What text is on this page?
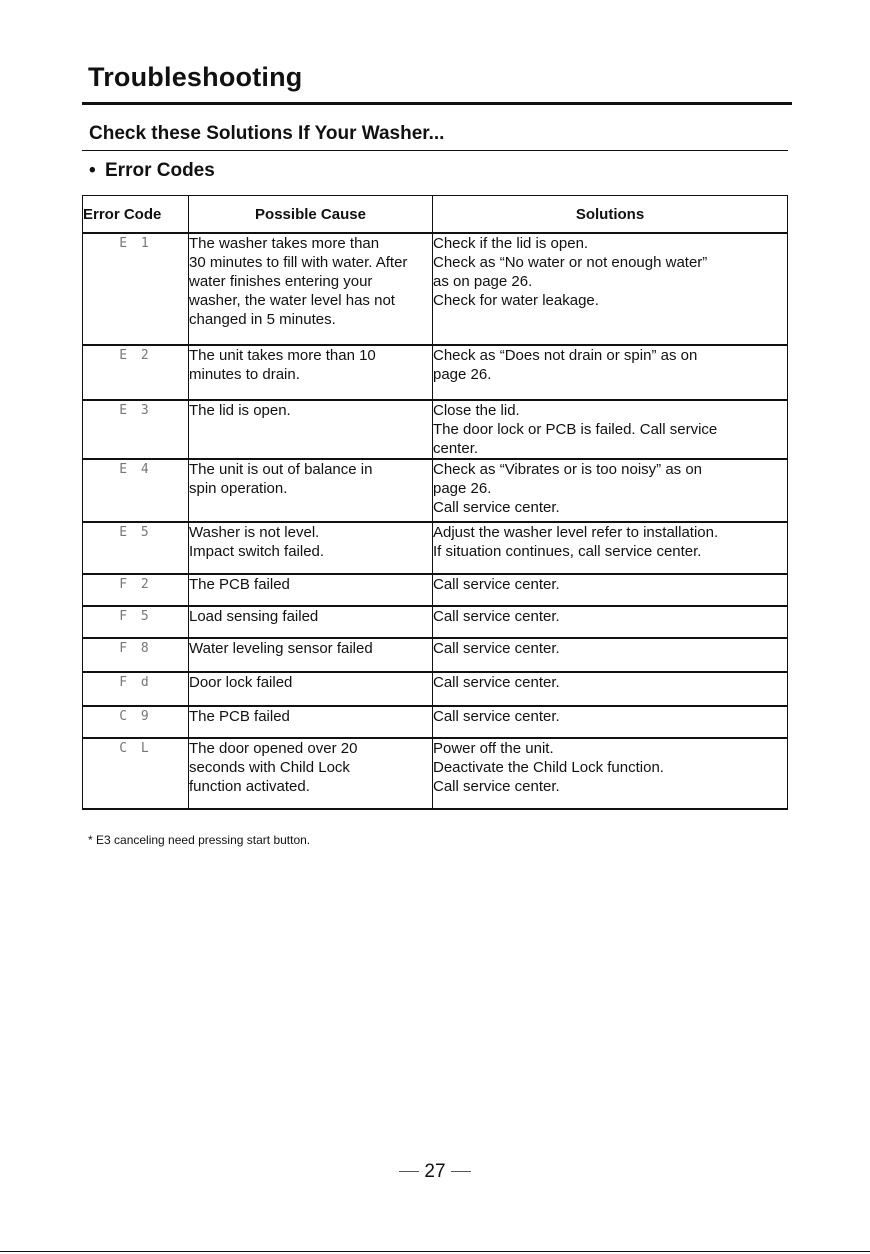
Troubleshooting
Check these Solutions If Your Washer...
• Error Codes
Error Code	Possible Cause	Solutions
E 1	The washer takes more than
30 minutes to fill with water. After
water finishes entering your
washer, the water level has not
changed in 5 minutes.	Check if the lid is open.
Check as “No water or not enough water”
as on page 26.
Check for water leakage.

E 2	The unit takes more than 10
minutes to drain.	Check as “Does not drain or spin” as on
page 26.

E 3	The lid is open.	Close the lid.
The door lock or PCB is failed. Call service
center.

E 4	The unit is out of balance in
spin operation.	Check as “Vibrates or is too noisy” as on
page 26.
Call service center.

E 5	Washer is not level.
Impact switch failed.	Adjust the washer level refer to installation.
If situation continues, call service center.

F 2	The PCB failed	Call service center.

F 5	Load sensing failed	Call service center.

F 8	Water leveling sensor failed	Call service center.

F d	Door lock failed	Call service center.

C 9	The PCB failed	Call service center.

C L	The door opened over 20
seconds with Child Lock
function activated.	Power off the unit.
Deactivate the Child Lock function.
Call service center.
* E3 canceling need pressing start button.
27
